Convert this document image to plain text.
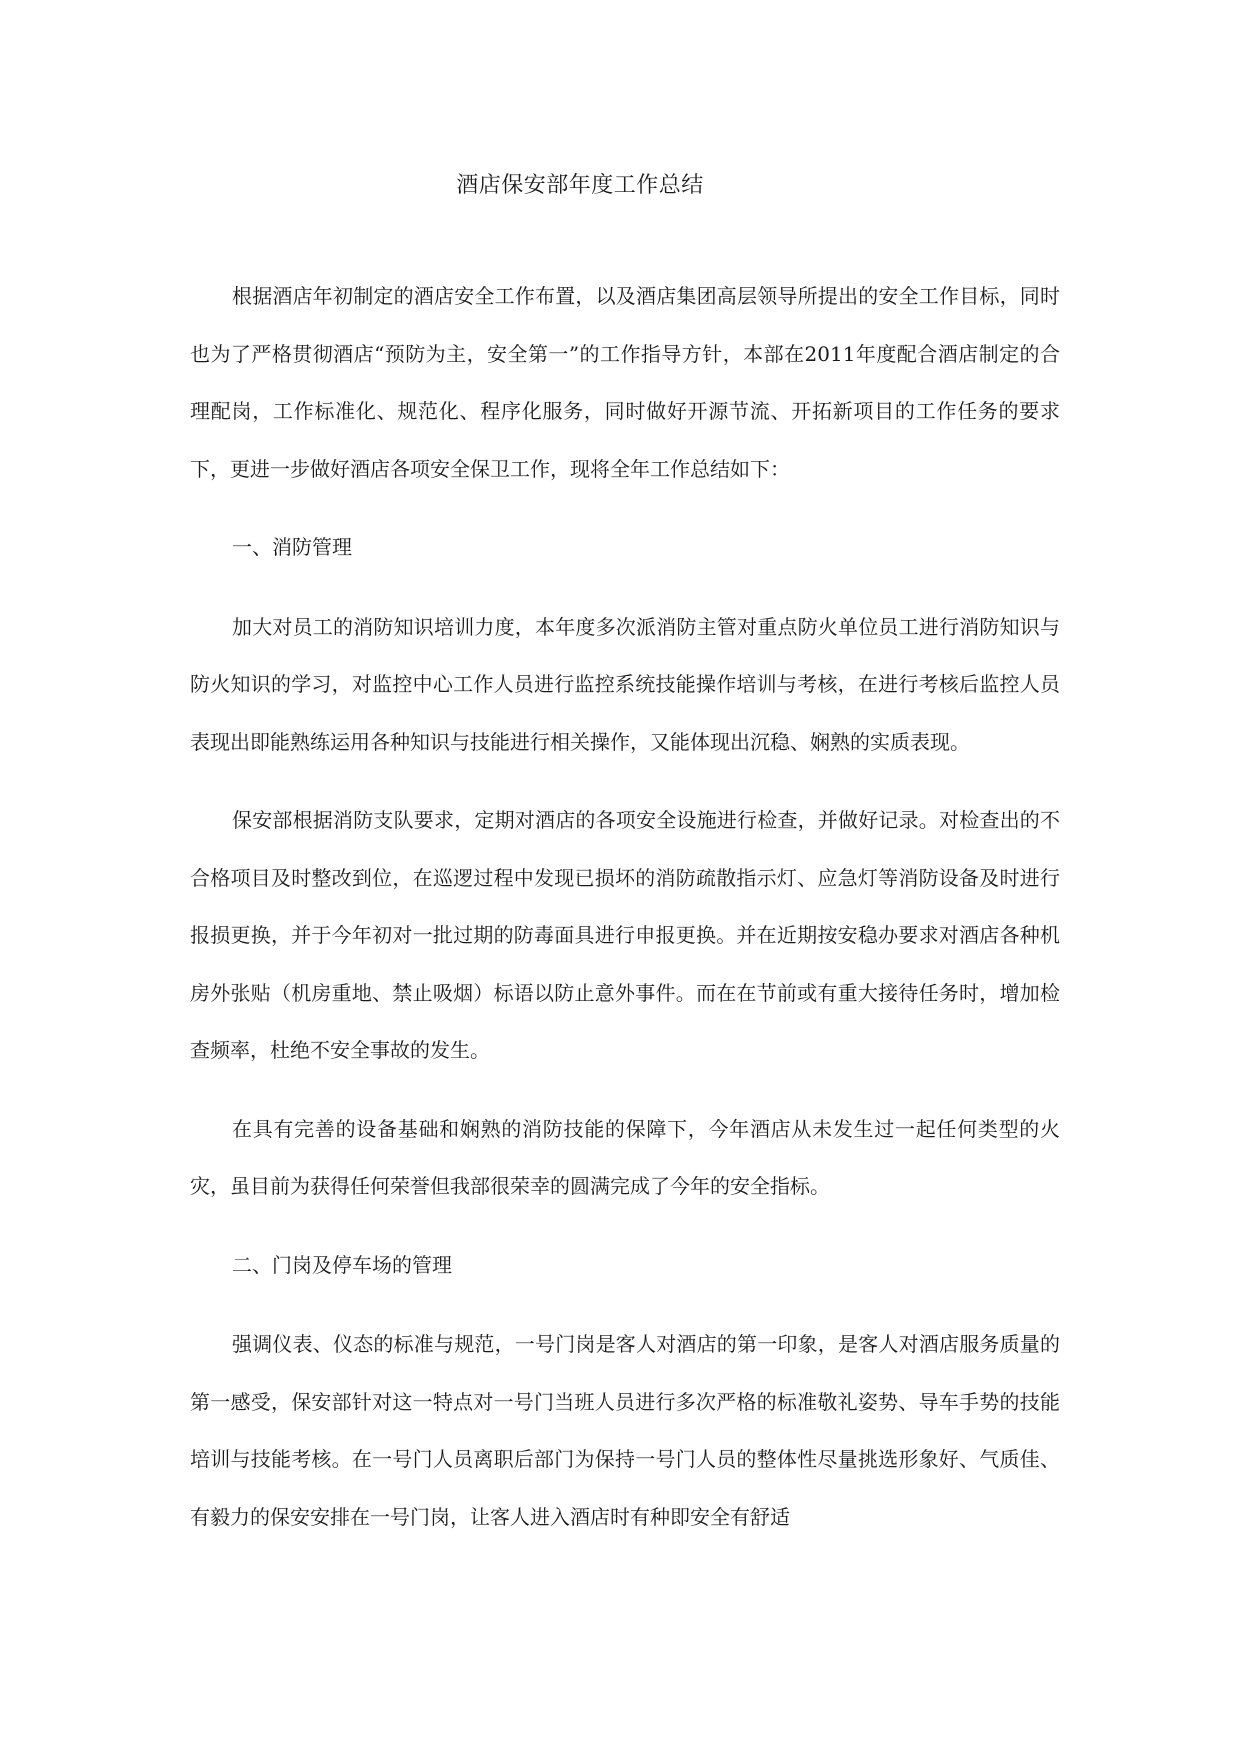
酒店保安部年度工作总结

根据酒店年初制定的酒店安全工作布置，以及酒店集团高层领导所提出的安全工作目标，同时也为了严格贯彻酒店“预防为主，安全第一”的工作指导方针，本部在2011年度配合酒店制定的合理配岗，工作标准化、规范化、程序化服务，同时做好开源节流、开拓新项目的工作任务的要求下，更进一步做好酒店各项安全保卫工作，现将全年工作总结如下：

一、消防管理

加大对员工的消防知识培训力度，本年度多次派消防主管对重点防火单位员工进行消防知识与防火知识的学习，对监控中心工作人员进行监控系统技能操作培训与考核，在进行考核后监控人员表现出即能熟练运用各种知识与技能进行相关操作，又能体现出沉稳、娴熟的实质表现。

保安部根据消防支队要求，定期对酒店的各项安全设施进行检查，并做好记录。对检查出的不合格项目及时整改到位，在巡逻过程中发现已损坏的消防疏散指示灯、应急灯等消防设备及时进行报损更换，并于今年初对一批过期的防毒面具进行申报更换。并在近期按安稳办要求对酒店各种机房外张贴（机房重地、禁止吸烟）标语以防止意外事件。而在在节前或有重大接待任务时，增加检查频率，杜绝不安全事故的发生。

在具有完善的设备基础和娴熟的消防技能的保障下，今年酒店从未发生过一起任何类型的火灾，虽目前为获得任何荣誉但我部很荣幸的圆满完成了今年的安全指标。

二、门岗及停车场的管理

强调仪表、仪态的标准与规范，一号门岗是客人对酒店的第一印象，是客人对酒店服务质量的第一感受，保安部针对这一特点对一号门当班人员进行多次严格的标准敬礼姿势、导车手势的技能培训与技能考核。在一号门人员离职后部门为保持一号门人员的整体性尽量挑选形象好、气质佳、有毅力的保安安排在一号门岗，让客人进入酒店时有种即安全有舒适
